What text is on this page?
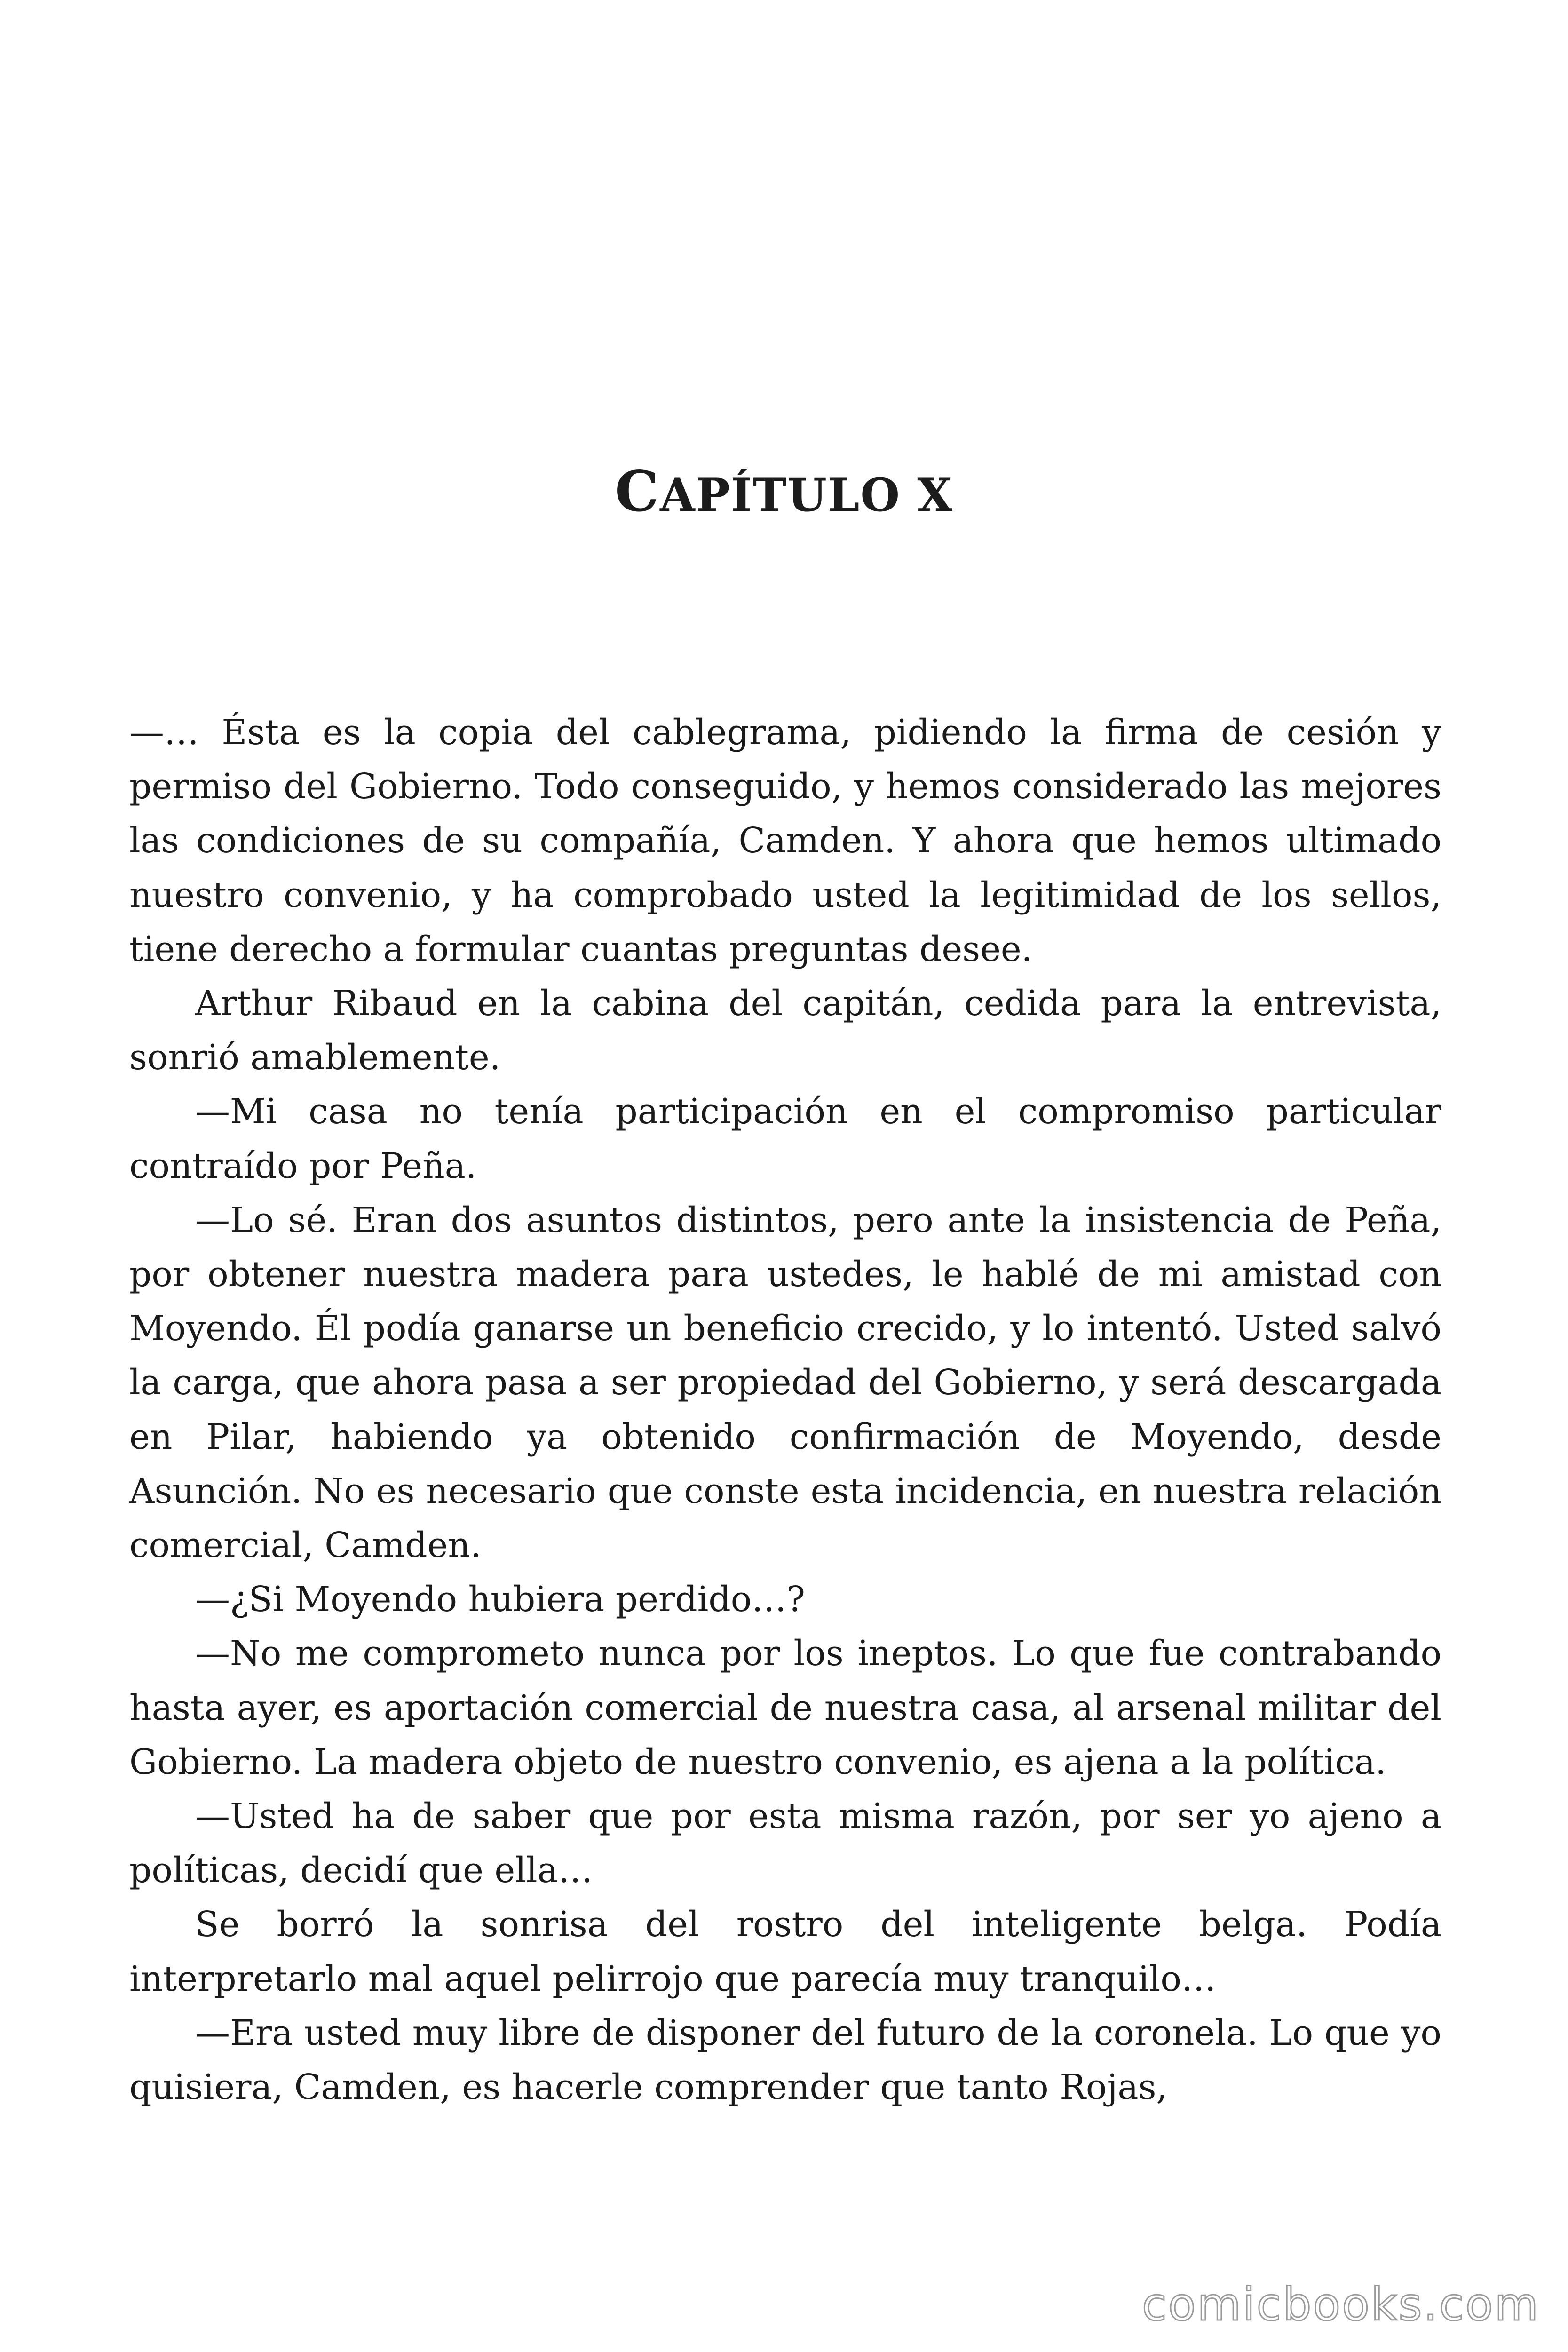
CAPÍTULO X

—… Ésta es la copia del cablegrama, pidiendo la firma de cesión y permiso del Gobierno. Todo conseguido, y hemos considerado las mejores las condiciones de su compañía, Camden. Y ahora que hemos ultimado nuestro convenio, y ha comprobado usted la legitimidad de los sellos, tiene derecho a formular cuantas preguntas desee.

Arthur Ribaud en la cabina del capitán, cedida para la entrevista, sonrió amablemente.

—Mi casa no tenía participación en el compromiso particular contraído por Peña.

—Lo sé. Eran dos asuntos distintos, pero ante la insistencia de Peña, por obtener nuestra madera para ustedes, le hablé de mi amistad con Moyendo. Él podía ganarse un beneficio crecido, y lo intentó. Usted salvó la carga, que ahora pasa a ser propiedad del Gobierno, y será descargada en Pilar, habiendo ya obtenido confirmación de Moyendo, desde Asunción. No es necesario que conste esta incidencia, en nuestra relación comercial, Camden.

—¿Si Moyendo hubiera perdido…?

—No me comprometo nunca por los ineptos. Lo que fue contrabando hasta ayer, es aportación comercial de nuestra casa, al arsenal militar del Gobierno. La madera objeto de nuestro convenio, es ajena a la política.

—Usted ha de saber que por esta misma razón, por ser yo ajeno a políticas, decidí que ella…

Se borró la sonrisa del rostro del inteligente belga. Podía interpretarlo mal aquel pelirrojo que parecía muy tranquilo…

—Era usted muy libre de disponer del futuro de la coronela. Lo que yo quisiera, Camden, es hacerle comprender que tanto Rojas,

comicbooks.com
